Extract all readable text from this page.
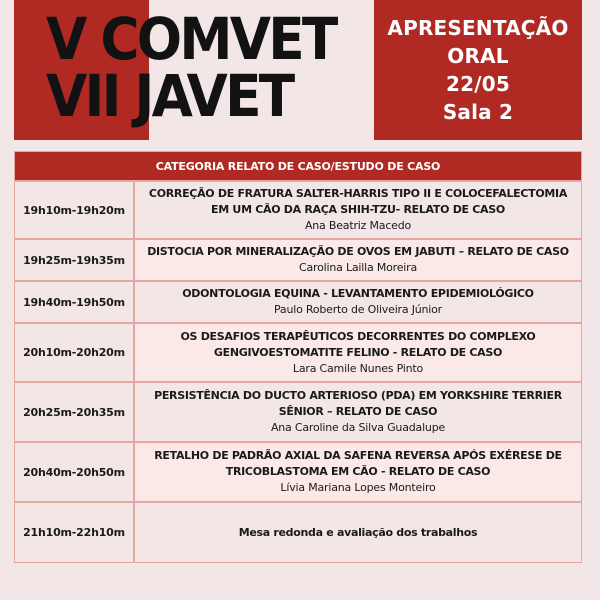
V COMVET
VII JAVET
APRESENTAÇÃO
ORAL
22/05
Sala 2
CATEGORIA RELATO DE CASO/ESTUDO DE CASO
19h10m-19h20m
CORREÇÃO DE FRATURA SALTER-HARRIS TIPO II E COLOCEFALECTOMIA EM UM CÃO DA RAÇA SHIH-TZU- RELATO DE CASO
Ana Beatriz Macedo
19h25m-19h35m
DISTOCIA POR MINERALIZAÇÃO DE OVOS EM JABUTI – RELATO DE CASO
Carolina Lailla Moreira
19h40m-19h50m
ODONTOLOGIA EQUINA - LEVANTAMENTO EPIDEMIOLÓGICO
Paulo Roberto de Oliveira Júnior
20h10m-20h20m
OS DESAFIOS TERAPÊUTICOS DECORRENTES DO COMPLEXO GENGIVOESTOMATITE FELINO - RELATO DE CASO
Lara Camile Nunes Pinto
20h25m-20h35m
PERSISTÊNCIA DO DUCTO ARTERIOSO (PDA) EM YORKSHIRE TERRIER SÊNIOR – RELATO DE CASO
Ana Caroline da Silva Guadalupe
20h40m-20h50m
RETALHO DE PADRÃO AXIAL DA SAFENA REVERSA APÓS EXÉRESE DE TRICOBLASTOMA EM CÃO - RELATO DE CASO
Lívia Mariana Lopes Monteiro
21h10m-22h10m	Mesa redonda e avaliação dos trabalhos
